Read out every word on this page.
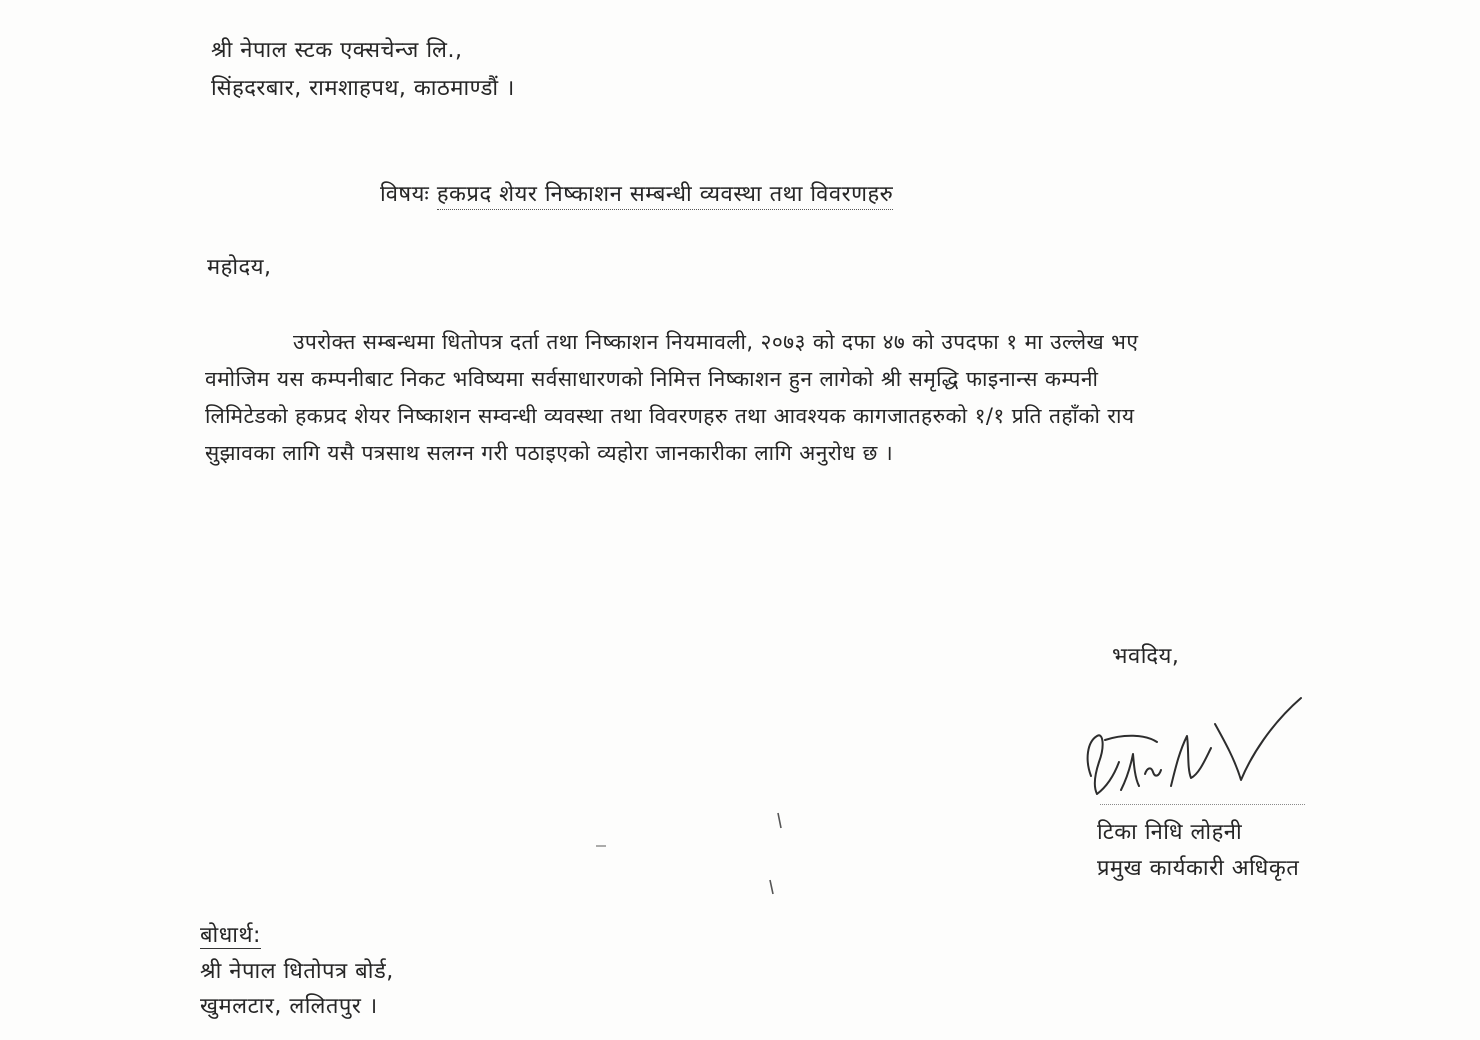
श्री नेपाल स्टक एक्सचेन्ज लि.,
सिंहदरबार, रामशाहपथ, काठमाण्डौं ।
विषयः हकप्रद शेयर निष्काशन सम्बन्धी व्यवस्था तथा विवरणहरु
महोदय,
उपरोक्त सम्बन्धमा धितोपत्र दर्ता तथा निष्काशन नियमावली, २०७३ को दफा ४७ को उपदफा १ मा उल्लेख भए
वमोजिम यस कम्पनीबाट निकट भविष्यमा सर्वसाधारणको निमित्त निष्काशन हुन लागेको श्री समृद्धि फाइनान्स कम्पनी
लिमिटेडको हकप्रद शेयर निष्काशन सम्वन्धी व्यवस्था तथा विवरणहरु तथा आवश्यक कागजातहरुको १/१ प्रति तहाँको राय
सुझावका लागि यसै पत्रसाथ सलग्न गरी पठाइएको व्यहोरा जानकारीका लागि अनुरोध छ ।
भवदिय,
टिका निधि लोहनी
प्रमुख कार्यकारी अधिकृत
बोधार्थ:
श्री नेपाल धितोपत्र बोर्ड,
खुमलटार, ललितपुर ।
